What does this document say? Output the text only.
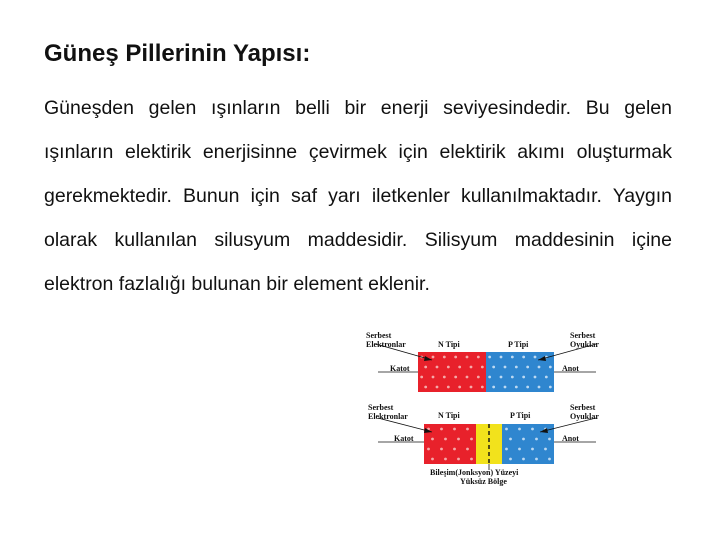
Güneş Pillerinin Yapısı:
Güneşden gelen ışınların belli bir enerji seviyesindedir. Bu gelen ışınların elektirik enerjisinne çevirmek için elektirik akımı oluşturmak gerekmektedir. Bunun için saf yarı iletkenler kullanılmaktadır. Yaygın olarak kullanılan silusyum maddesidir. Silisyum maddesinin içine elektron fazlalığı bulunan bir element eklenir.
Serbest Elektronlar	N Tipi	P Tipi
Serbest Oyuklar
Katot	Anot
Serbest Elektronlar	N Tipi	P Tipi
Serbest Oyuklar
Katot	Anot
Bileşim(Jonksyon) Yüzeyi
Yüksüz Bölge
